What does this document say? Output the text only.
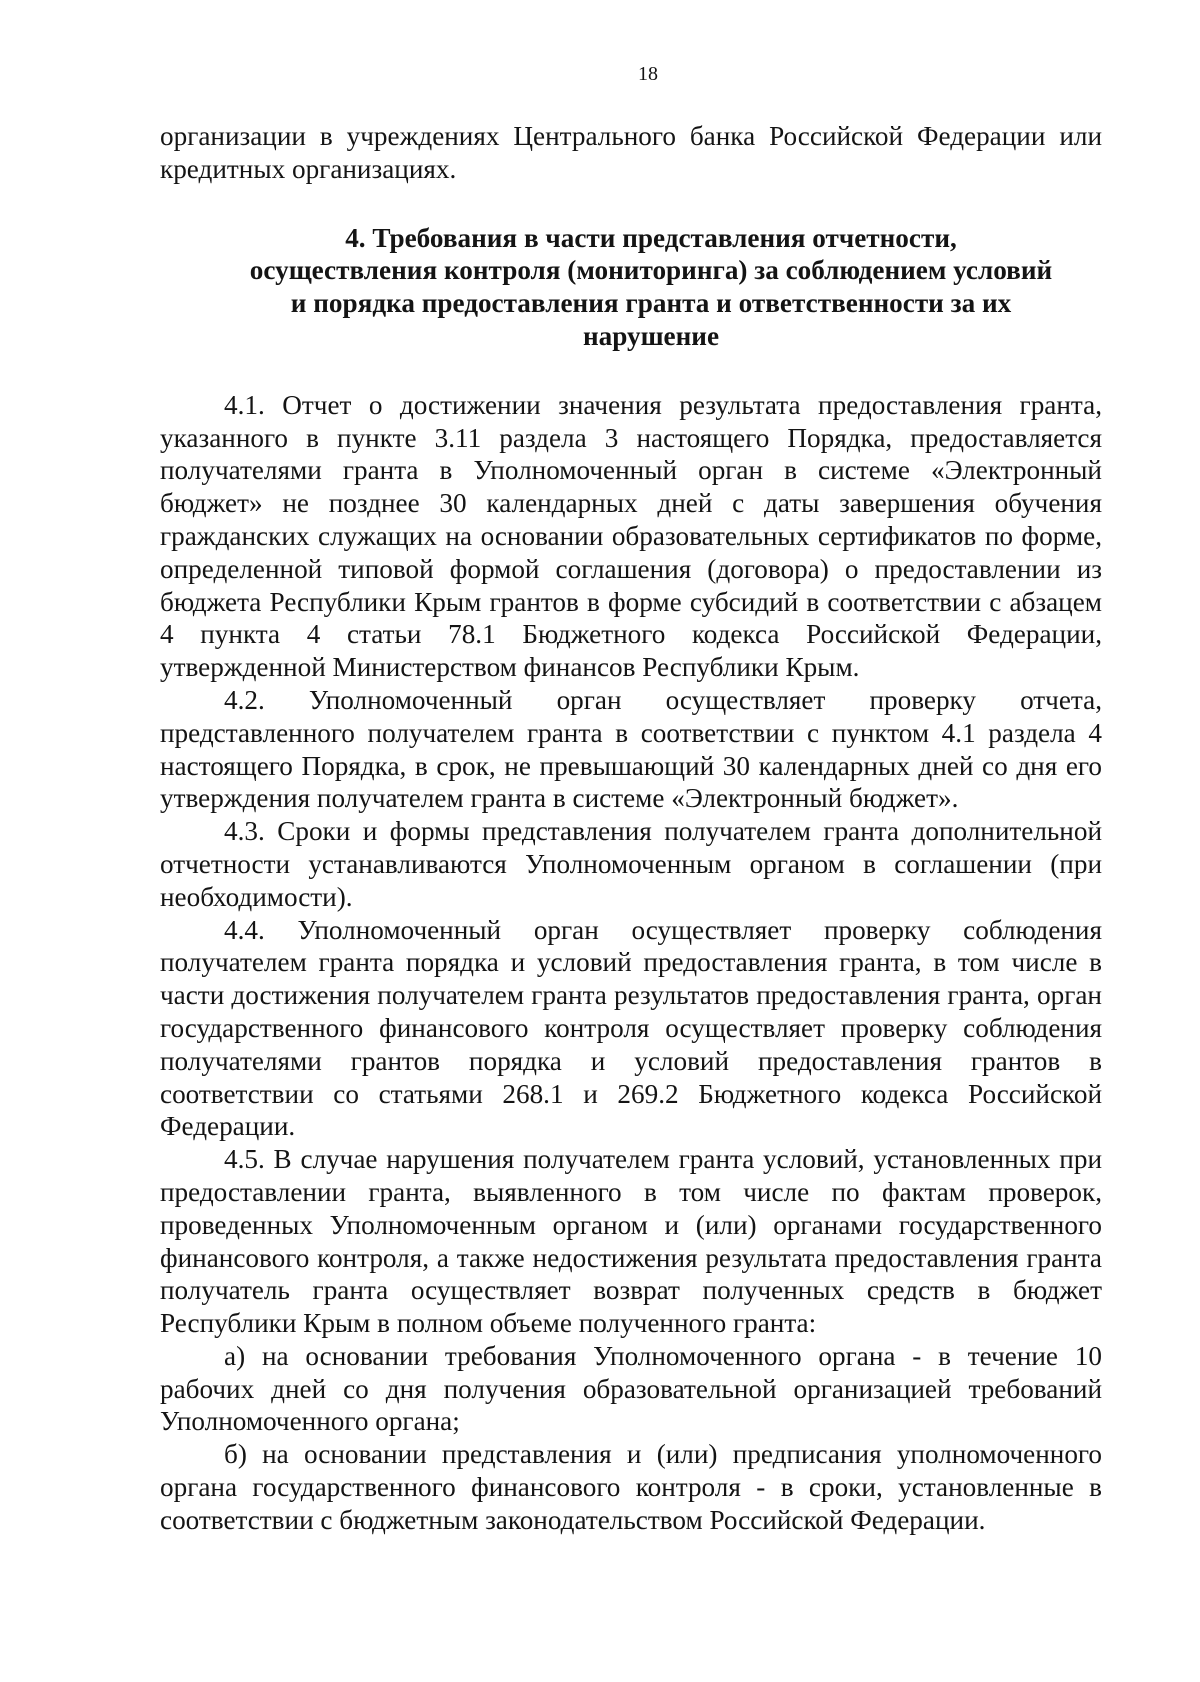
18

организации в учреждениях Центрального банка Российской Федерации или кредитных организациях.

4. Требования в части представления отчетности,
осуществления контроля (мониторинга) за соблюдением условий
и порядка предоставления гранта и ответственности за их
нарушение

4.1. Отчет о достижении значения результата предоставления гранта, указанного в пункте 3.11 раздела 3 настоящего Порядка, предоставляется получателями гранта в Уполномоченный орган в системе «Электронный бюджет» не позднее 30 календарных дней с даты завершения обучения гражданских служащих на основании образовательных сертификатов по форме, определенной типовой формой соглашения (договора) о предоставлении из бюджета Республики Крым грантов в форме субсидий в соответствии с абзацем 4 пункта 4 статьи 78.1 Бюджетного кодекса Российской Федерации, утвержденной Министерством финансов Республики Крым.

4.2. Уполномоченный орган осуществляет проверку отчета, представленного получателем гранта в соответствии с пунктом 4.1 раздела 4 настоящего Порядка, в срок, не превышающий 30 календарных дней со дня его утверждения получателем гранта в системе «Электронный бюджет».

4.3. Сроки и формы представления получателем гранта дополнительной отчетности устанавливаются Уполномоченным органом в соглашении (при необходимости).

4.4. Уполномоченный орган осуществляет проверку соблюдения получателем гранта порядка и условий предоставления гранта, в том числе в части достижения получателем гранта результатов предоставления гранта, орган государственного финансового контроля осуществляет проверку соблюдения получателями грантов порядка и условий предоставления грантов в соответствии со статьями 268.1 и 269.2 Бюджетного кодекса Российской Федерации.

4.5. В случае нарушения получателем гранта условий, установленных при предоставлении гранта, выявленного в том числе по фактам проверок, проведенных Уполномоченным органом и (или) органами государственного финансового контроля, а также недостижения результата предоставления гранта получатель гранта осуществляет возврат полученных средств в бюджет Республики Крым в полном объеме полученного гранта:

а) на основании требования Уполномоченного органа - в течение 10 рабочих дней со дня получения образовательной организацией требований Уполномоченного органа;

б) на основании представления и (или) предписания уполномоченного органа государственного финансового контроля - в сроки, установленные в соответствии с бюджетным законодательством Российской Федерации.
